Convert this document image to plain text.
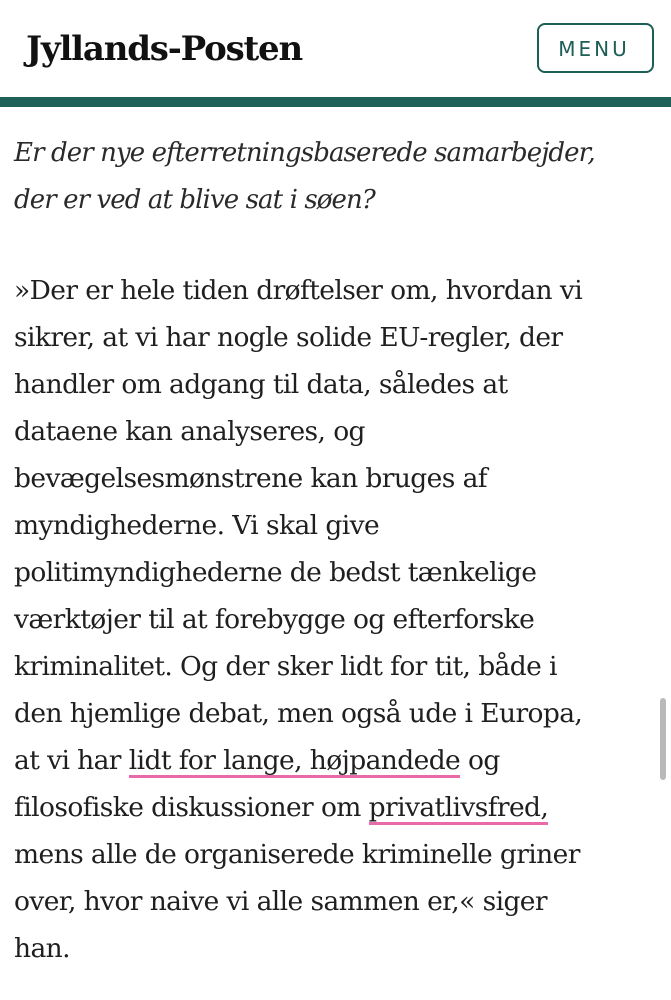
Jyllands-Posten	MENU

Er der nye efterretningsbaserede samarbejder,
der er ved at blive sat i søen?

»Der er hele tiden drøftelser om, hvordan vi
sikrer, at vi har nogle solide EU-regler, der
handler om adgang til data, således at
dataene kan analyseres, og
bevægelsesmønstrene kan bruges af
myndighederne. Vi skal give
politimyndighederne de bedst tænkelige
værktøjer til at forebygge og efterforske
kriminalitet. Og der sker lidt for tit, både i
den hjemlige debat, men også ude i Europa,
at vi har lidt for lange, højpandede og
filosofiske diskussioner om privatlivsfred,
mens alle de organiserede kriminelle griner
over, hvor naive vi alle sammen er,« siger
han.
